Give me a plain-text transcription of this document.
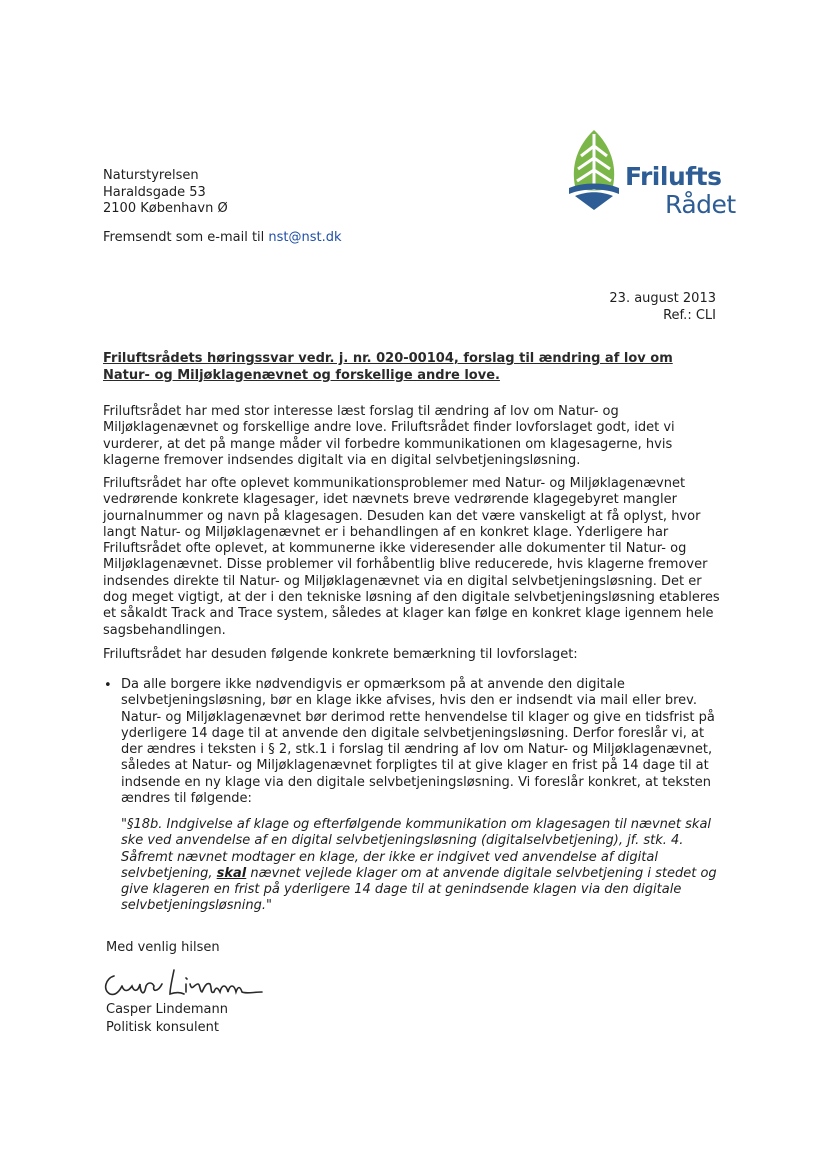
Naturstyrelsen
Haraldsgade 53
2100 København Ø
Fremsendt som e-mail til nst@nst.dk
Frilufts
Rådet
23. august 2013
Ref.: CLI
Friluftsrådets høringssvar vedr. j. nr. 020-00104, forslag til ændring af lov om Natur- og Miljøklagenævnet og forskellige andre love.
Friluftsrådet har med stor interesse læst forslag til ændring af lov om Natur- og Miljøklagenævnet og forskellige andre love. Friluftsrådet finder lovforslaget godt, idet vi vurderer, at det på mange måder vil forbedre kommunikationen om klagesagerne, hvis klagerne fremover indsendes digitalt via en digital selvbetjeningsløsning.
Friluftsrådet har ofte oplevet kommunikationsproblemer med Natur- og Miljøklagenævnet vedrørende konkrete klagesager, idet nævnets breve vedrørende klagegebyret mangler journalnummer og navn på klagesagen. Desuden kan det være vanskeligt at få oplyst, hvor langt Natur- og Miljøklagenævnet er i behandlingen af en konkret klage. Yderligere har Friluftsrådet ofte oplevet, at kommunerne ikke videresender alle dokumenter til Natur- og Miljøklagenævnet. Disse problemer vil forhåbentlig blive reducerede, hvis klagerne fremover indsendes direkte til Natur- og Miljøklagenævnet via en digital selvbetjeningsløsning. Det er dog meget vigtigt, at der i den tekniske løsning af den digitale selvbetjeningsløsning etableres et såkaldt Track and Trace system, således at klager kan følge en konkret klage igennem hele sagsbehandlingen.
Friluftsrådet har desuden følgende konkrete bemærkning til lovforslaget:
• Da alle borgere ikke nødvendigvis er opmærksom på at anvende den digitale selvbetjeningsløsning, bør en klage ikke afvises, hvis den er indsendt via mail eller brev. Natur- og Miljøklagenævnet bør derimod rette henvendelse til klager og give en tidsfrist på yderligere 14 dage til at anvende den digitale selvbetjeningsløsning. Derfor foreslår vi, at der ændres i teksten i § 2, stk.1 i forslag til ændring af lov om Natur- og Miljøklagenævnet, således at Natur- og Miljøklagenævnet forpligtes til at give klager en frist på 14 dage til at indsende en ny klage via den digitale selvbetjeningsløsning. Vi foreslår konkret, at teksten ændres til følgende:
"§18b. Indgivelse af klage og efterfølgende kommunikation om klagesagen til nævnet skal ske ved anvendelse af en digital selvbetjeningsløsning (digitalselvbetjening), jf. stk. 4. Såfremt nævnet modtager en klage, der ikke er indgivet ved anvendelse af digital selvbetjening, skal nævnet vejlede klager om at anvende digitale selvbetjening i stedet og give klageren en frist på yderligere 14 dage til at genindsende klagen via den digitale selvbetjeningsløsning."
Med venlig hilsen
Casper Lindemann
Politisk konsulent
